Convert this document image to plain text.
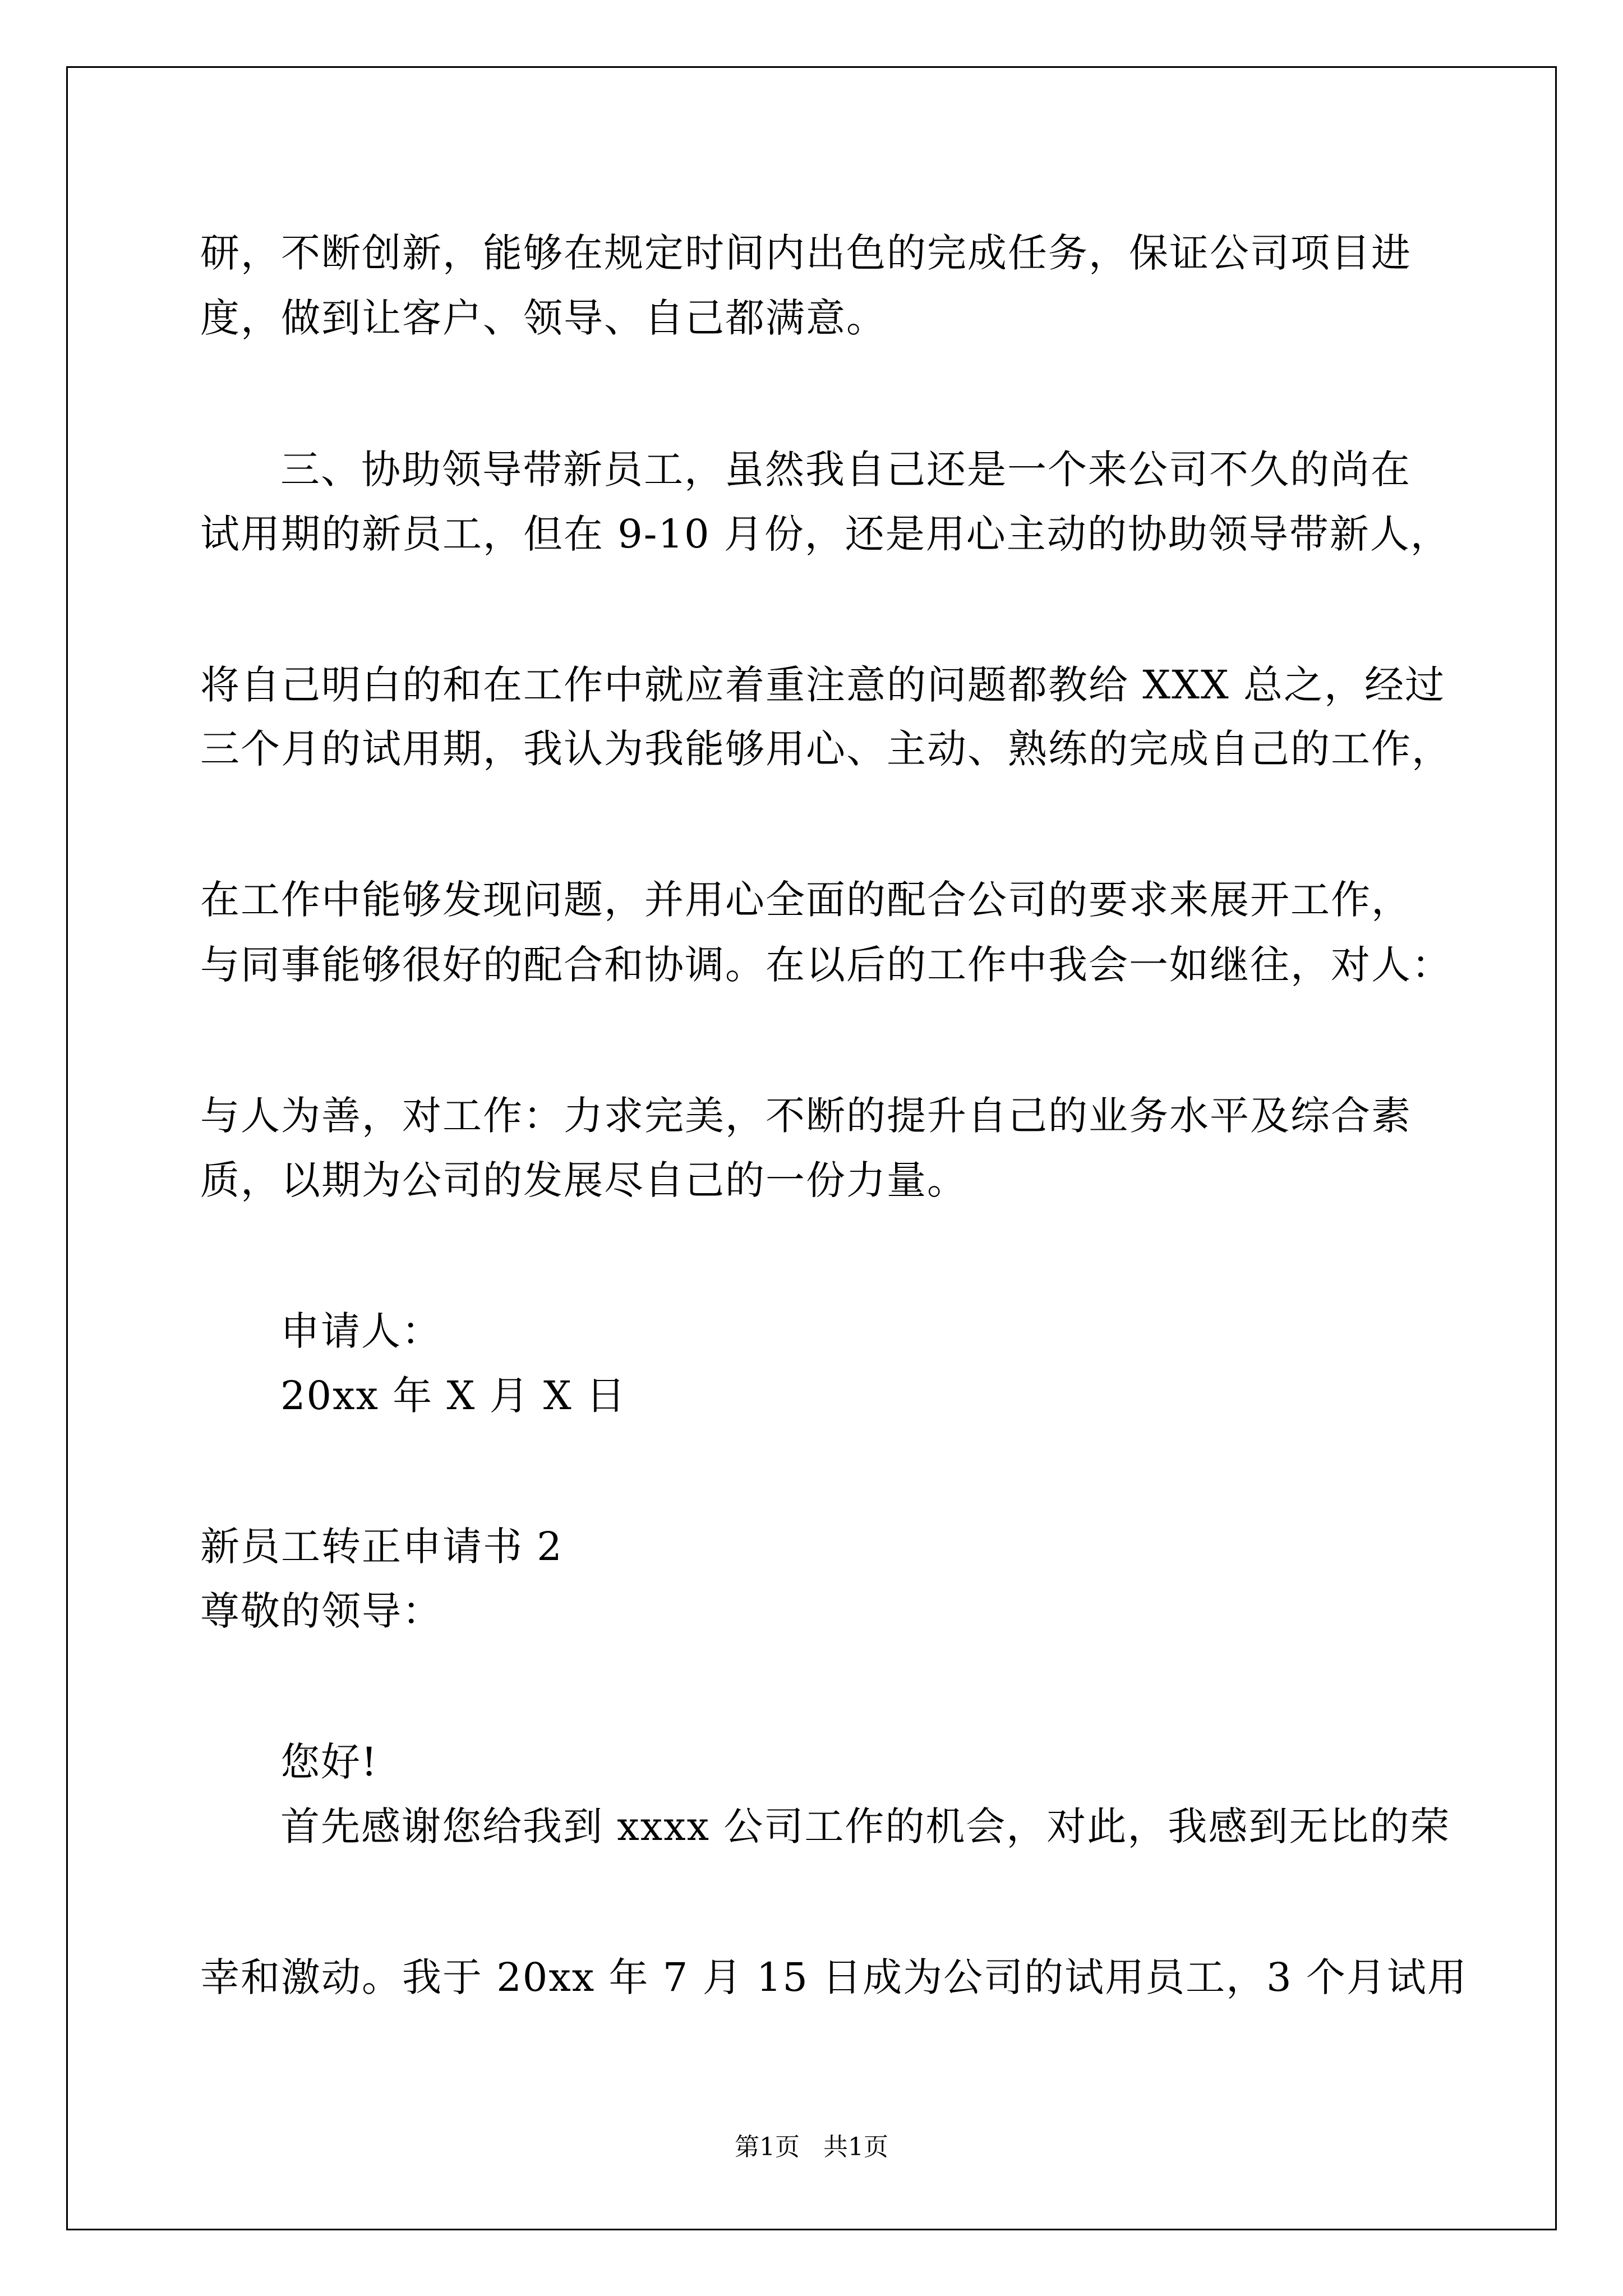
研，不断创新，能够在规定时间内出色的完成任务，保证公司项目进
度，做到让客户、领导、自己都满意。
三、协助领导带新员工，虽然我自己还是一个来公司不久的尚在
试用期的新员工，但在 9-10 月份，还是用心主动的协助领导带新人，
将自己明白的和在工作中就应着重注意的问题都教给 XXX 总之，经过
三个月的试用期，我认为我能够用心、主动、熟练的完成自己的工作，
在工作中能够发现问题，并用心全面的配合公司的要求来展开工作，
与同事能够很好的配合和协调。在以后的工作中我会一如继往，对人：
与人为善，对工作：力求完美，不断的提升自己的业务水平及综合素
质，以期为公司的发展尽自己的一份力量。
申请人：
20xx 年 X 月 X 日
新员工转正申请书 2
尊敬的领导：
您好!
首先感谢您给我到 xxxx 公司工作的机会，对此，我感到无比的荣
幸和激动。我于 20xx 年 7 月 15 日成为公司的试用员工，3 个月试用
第1页   共1页
